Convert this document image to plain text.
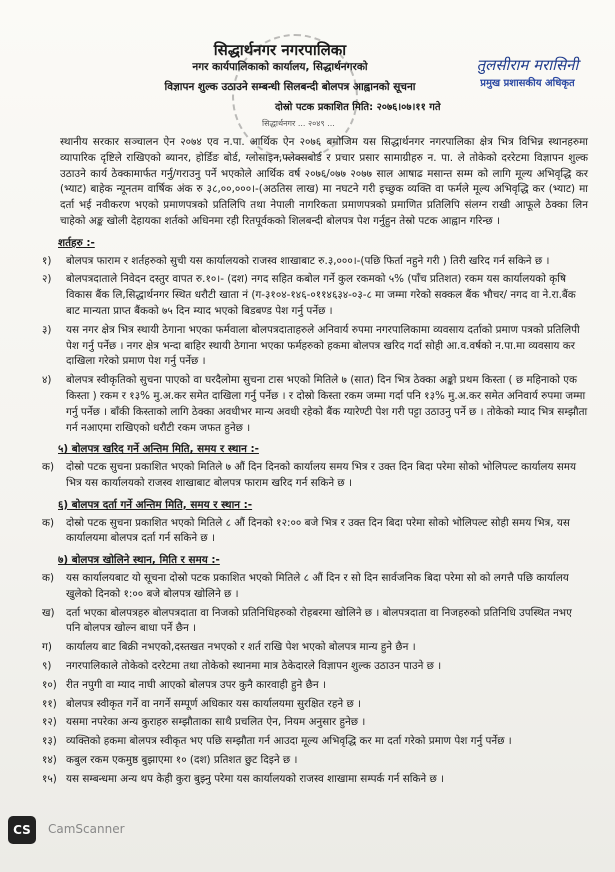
सिद्धार्थनगर ... २०४९ ...
सिद्धार्थनगर नगरपालिका
नगर कार्यपालिकाको कार्यालय, सिद्धार्थनगरको
विज्ञापन शुल्क उठाउने सम्बन्धी सिलबन्दी बोलपत्र आह्वानको सूचना
दोस्रो पटक प्रकाशित मिति: २०७६।०७।११ गते
तुलसीराम मरासिनी
प्रमुख प्रशासकीय अधिकृत

स्थानीय सरकार सञ्चालन ऐन २०७४ एव न.पा. आर्थिक ऐन २०७६ बमोजिम यस सिद्धार्थनगर नगरपालिका क्षेत्र भित्र विभिन्न स्थानहरुमा व्यापारिक दृष्टिले राखिएको ब्यानर, होर्डिङ बोर्ड, ग्लोसाइन,फ्लेक्सबोर्ड र प्रचार प्रसार सामाग्रीहरु न. पा. ले तोकेको दररेटमा विज्ञापन शुल्क उठाउने कार्य ठेक्कामार्फत गर्नु/गराउनु पर्ने भएकोले आर्थिक वर्ष २०७६/०७७ २०७७ साल आषाढ मसान्त सम्म को लागि मूल्य अभिवृद्धि कर (भ्याट) बाहेक न्यूनतम वार्षिक अंक रु ३८,००,०००।-(अठतिस लाख) मा नघटने गरी इच्छुक व्यक्ति वा फर्मले मूल्य अभिवृद्धि कर (भ्याट) मा दर्ता भई नवीकरण भएको प्रमाणपत्रको प्रतिलिपि तथा नेपाली नागरिकता प्रमाणपत्रको प्रमाणित प्रतिलिपि संलग्न राखी आफूले ठेक्का लिन चाहेको अङ्क खोली देहायका शर्तको अधिनमा रही रितपूर्वकको शिलबन्दी बोलपत्र पेश गर्नुहुन तेस्रो पटक आह्वान गरिन्छ ।

शर्तहरु :-
१) बोलपत्र फाराम र शर्तहरुको सुची यस कार्यालयको राजस्व शाखाबाट रु.३,०००।-(पछि फिर्ता नहुने गरी ) तिरी खरिद गर्न सकिने छ ।
२) बोलपत्रदाताले निवेदन दस्तुर वापत रु.१०।- (दश) नगद सहित कबोल गर्ने कुल रकमको ५% (पाँच प्रतिशत) रकम यस कार्यालयको कृषि विकास बैंक लि,सिद्धार्थनगर स्थित धरौटी खाता नं (ग-३१०४-१४६-०११४६३४-०३-८ मा जम्मा गरेको सक्कल बैंक भौचर/ नगद वा ने.रा.बैंक बाट मान्यता प्राप्त बैंकको ७५ दिन म्याद भएको बिडबण्ड पेश गर्नु पर्नेछ ।
३) यस नगर क्षेत्र भित्र स्थायी ठेगाना भएका फर्मवाला बोलपत्रदाताहरुले अनिवार्य रुपमा नगरपालिकामा व्यवसाय दर्ताको प्रमाण पत्रको प्रतिलिपी पेश गर्नु पर्नेछ । नगर क्षेत्र भन्दा बाहिर स्थायी ठेगाना भएका फर्महरुको हकमा बोलपत्र खरिद गर्दा सोही आ.व.वर्षको न.पा.मा व्यवसाय कर दाखिला गरेको प्रमाण पेश गर्नु पर्नेछ ।
४) बोलपत्र स्वीकृतिको सुचना पाएको वा घरदैलोमा सुचना टास भएको मितिले ७ (सात) दिन भित्र ठेक्का अङ्को प्रथम किस्ता ( छ महिनाको एक किस्ता ) रकम र १३% मु.अ.कर समेत दाखिला गर्नु पर्नेछ । र दोस्रो किस्ता रकम जम्मा गर्दा पनि १३% मु.अ.कर समेत अनिवार्य रुपमा जम्मा गर्नु पर्नेछ । बाँकी किस्ताको लागि ठेक्का अवधीभर मान्य अवधी रहेको बैंक ग्यारेण्टी पेश गरी पट्टा उठाउनु पर्ने छ । तोकेको म्याद भित्र सम्झौता गर्न नआएमा राखिएको धरौटी रकम जफत हुनेछ ।
५) बोलपत्र खरिद गर्ने अन्तिम मिति, समय र स्थान :-
क) दोस्रो पटक सुचना प्रकाशित भएको मितिले ७ औं दिन दिनको कार्यालय समय भित्र र उक्त दिन बिदा परेमा सोको भोलिपल्ट कार्यालय समय भित्र यस कार्यालयको राजस्व शाखाबाट बोलपत्र फाराम खरिद गर्न सकिने छ ।
६) बोलपत्र दर्ता गर्ने अन्तिम मिति, समय र स्थान :-
क) दोस्रो पटक सुचना प्रकाशित भएको मितिले ८ औं दिनको १२:०० बजे भित्र र उक्त दिन बिदा परेमा सोको भोलिपल्ट सोही समय भित्र, यस कार्यालयमा बोलपत्र दर्ता गर्न सकिने छ ।
७) बोलपत्र खोलिने स्थान, मिति र समय :-
क) यस कार्यालयबाट यो सूचना दोस्रो पटक प्रकाशित भएको मितिले ८ औं दिन र सो दिन सार्वजनिक बिदा परेमा सो को लगत्तै पछि कार्यालय खुलेको दिनको १:०० बजे बोलपत्र खोलिने छ ।
ख) दर्ता भएका बोलपत्रहरु बोलपत्रदाता वा निजको प्रतिनिधिहरुको रोहबरमा खोलिने छ । बोलपत्रदाता वा निजहरुको प्रतिनिधि उपस्थित नभए पनि बोलपत्र खोल्न बाधा पर्ने छैन ।
ग) कार्यालय बाट बिक्री नभएको,दस्तखत नभएको र शर्त राखि पेश भएको बोलपत्र मान्य हुने छैन ।
९) नगरपालिकाले तोकेको दररेटमा तथा तोकेको स्थानमा मात्र ठेकेदारले विज्ञापन शुल्क उठाउन पाउने छ ।
१०) रीत नपुगी वा म्याद नाघी आएको बोलपत्र उपर कुनै कारवाही हुने छैन ।
११) बोलपत्र स्वीकृत गर्ने वा नगर्ने सम्पूर्ण अधिकार यस कार्यालयमा सुरक्षित रहने छ ।
१२) यसमा नपरेका अन्य कुराहरु सम्झौताका साथै प्रचलित ऐन, नियम अनुसार हुनेछ ।
१३) व्यक्तिको हकमा बोलपत्र स्वीकृत भए पछि सम्झौता गर्न आउदा मूल्य अभिवृद्धि कर मा दर्ता गरेको प्रमाण पेश गर्नु पर्नेछ ।
१४) कबुल रकम एकमुष्ठ बुझाएमा १० (दश) प्रतिशत छुट दिइने छ ।
१५) यस सम्बन्धमा अन्य थप केही कुरा बुझ्नु परेमा यस कार्यालयको राजस्व शाखामा सम्पर्क गर्न सकिने छ ।
CS	CamScanner
